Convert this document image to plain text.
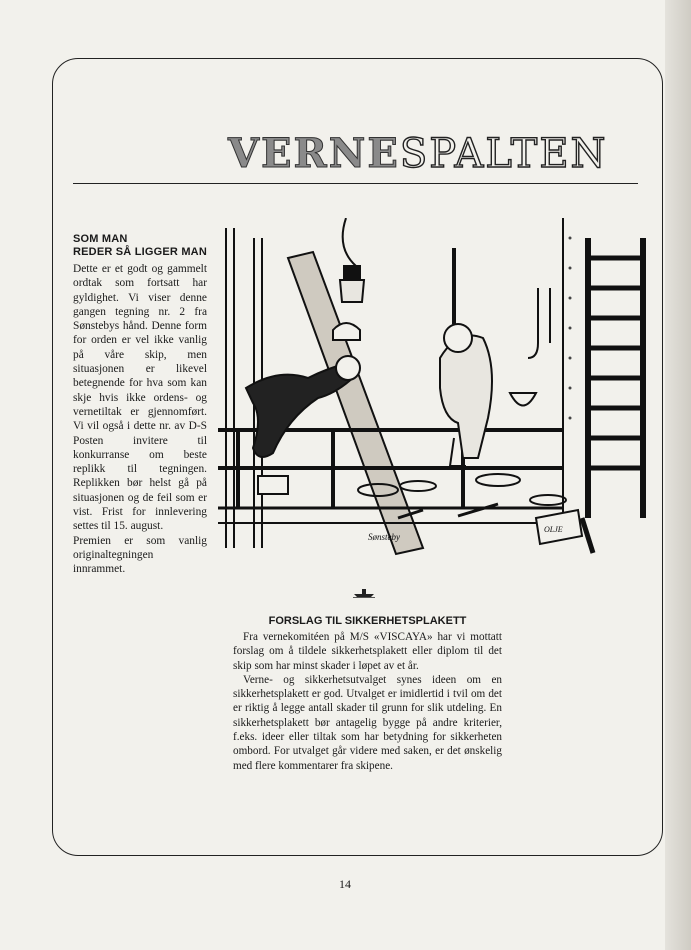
VERNESPALTEN
SOM MAN
REDER SÅ LIGGER MAN

Dette er et godt og gammelt ordtak som fortsatt har gyldighet. Vi viser denne gangen tegning nr. 2 fra Sønstebys hånd. Denne form for orden er vel ikke vanlig på våre skip, men situasjonen er likevel betegnende for hva som kan skje hvis ikke ordens- og vernetiltak er gjennomført. Vi vil også i dette nr. av D-S Posten invitere til konkurranse om beste replikk til tegningen. Replikken bør helst gå på situasjonen og de feil som er vist. Frist for innlevering settes til 15. august.

Premien er som vanlig originaltegningen innrammet.

OLJE
Sønsteby
FORSLAG TIL SIKKERHETSPLAKETT

Fra vernekomitéen på M/S «VISCAYA» har vi mottatt forslag om å tildele sikkerhetsplakett eller diplom til det skip som har minst skader i løpet av et år.

Verne- og sikkerhetsutvalget synes ideen om en sikkerhetsplakett er god. Utvalget er imidlertid i tvil om det er riktig å legge antall skader til grunn for slik utdeling. En sikkerhetsplakett bør antagelig bygge på andre kriterier, f.eks. ideer eller tiltak som har betydning for sikkerheten ombord. For utvalget går videre med saken, er det ønskelig med flere kommentarer fra skipene.

14
